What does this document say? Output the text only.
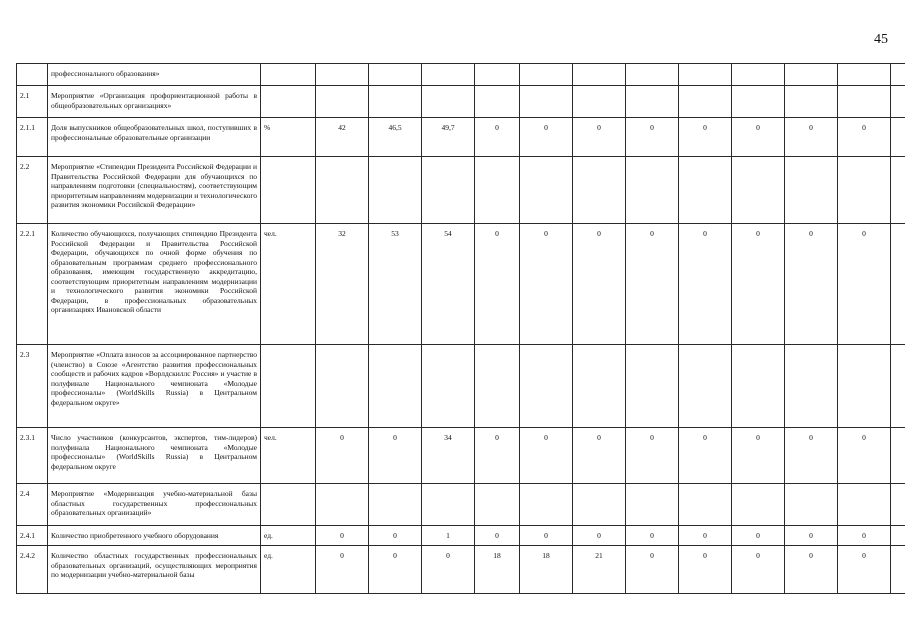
45
	профессионального образования»													
2.1	Мероприятие «Организация профориентационной работы в общеобразовательных организациях»													
2.1.1	Доля выпускников общеобразовательных школ, поступивших в профессиональные образовательные организации	%	42	46,5	49,7	0	0	0	0	0	0	0	0	
2.2	Мероприятие «Стипендии Президента Российской Федерации и Правительства Российской Федерации для обучающихся по направлениям подготовки (специальностям), соответствующим приоритетным направлениям модернизации и технологического развития экономики Российской Федерации»													
2.2.1	Количество обучающихся, получающих стипендию Президента Российской Федерации и Правительства Российской Федерации, обучающихся по очной форме обучения по образовательным программам среднего профессионального образования, имеющим государственную аккредитацию, соответствующим приоритетным направлениям модернизации и технологического развития экономики Российской Федерации, в профессиональных образовательных организациях Ивановской области	чел.	32	53	54	0	0	0	0	0	0	0	0	
2.3	Мероприятие «Оплата взносов за ассоциированное партнерство (членство) в Союзе «Агентство развития профессиональных сообществ и рабочих кадров «Ворлдскиллс Россия» и участие в полуфинале Национального чемпионата «Молодые профессионалы» (WorldSkills Russia) в Центральном федеральном округе»													
2.3.1	Число участников (конкурсантов, экспертов, тим-лидеров) полуфинала Национального чемпионата «Молодые профессионалы» (WorldSkills Russia) в Центральном федеральном округе	чел.	0	0	34	0	0	0	0	0	0	0	0	
2.4	Мероприятие «Модернизация учебно-материальной базы областных государственных профессиональных образовательных организаций»													
2.4.1	Количество приобретенного учебного оборудования	ед.	0	0	1	0	0	0	0	0	0	0	0	
2.4.2	Количество областных государственных профессиональных образовательных организаций, осуществляющих мероприятия по модернизации учебно-материальной базы	ед.	0	0	0	18	18	21	0	0	0	0	0	
